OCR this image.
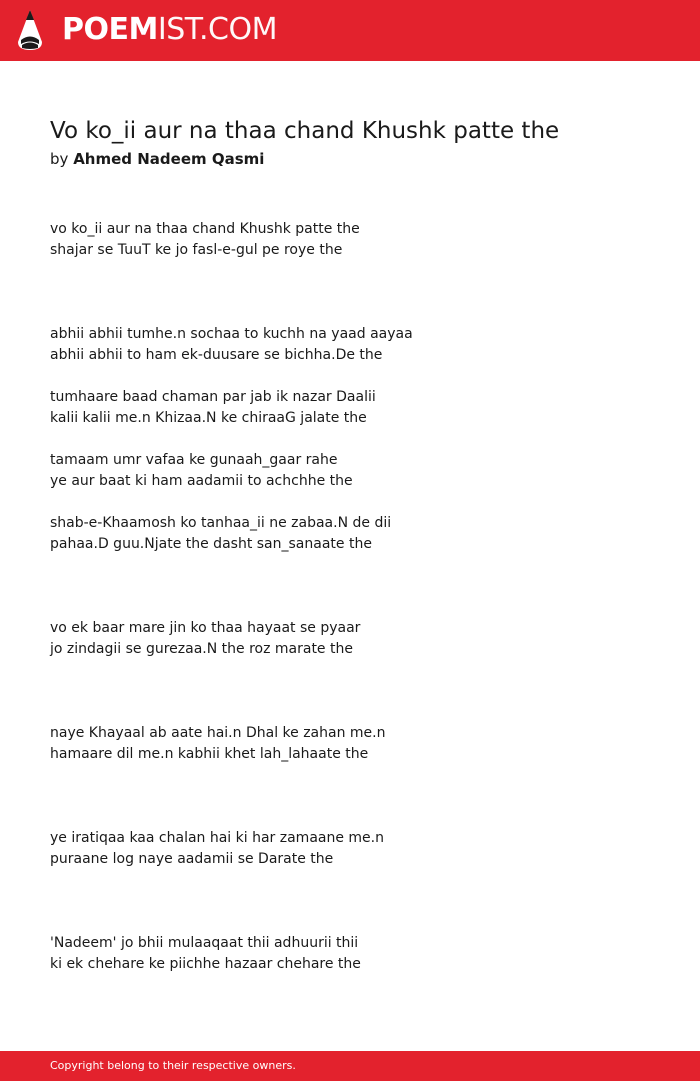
POEMIST.COM
Vo ko_ii aur na thaa chand Khushk patte the
by Ahmed Nadeem Qasmi
vo ko_ii aur na thaa chand Khushk patte the
shajar se TuuT ke jo fasl-e-gul pe roye the
abhii abhii tumhe.n sochaa to kuchh na yaad aayaa
abhii abhii to ham ek-duusare se bichha.De the
tumhaare baad chaman par jab ik nazar Daalii
kalii kalii me.n Khizaa.N ke chiraaG jalate the
tamaam umr vafaa ke gunaah_gaar rahe
ye aur baat ki ham aadamii to achchhe the
shab-e-Khaamosh ko tanhaa_ii ne zabaa.N de dii
pahaa.D guu.Njate the dasht san_sanaate the
vo ek baar mare jin ko thaa hayaat se pyaar
jo zindagii se gurezaa.N the roz marate the
naye Khayaal ab aate hai.n Dhal ke zahan me.n
hamaare dil me.n kabhii khet lah_lahaate the
ye iratiqaa kaa chalan hai ki har zamaane me.n
puraane log naye aadamii se Darate the
'Nadeem' jo bhii mulaaqaat thii adhuurii thii
ki ek chehare ke piichhe hazaar chehare the
Copyright belong to their respective owners.
